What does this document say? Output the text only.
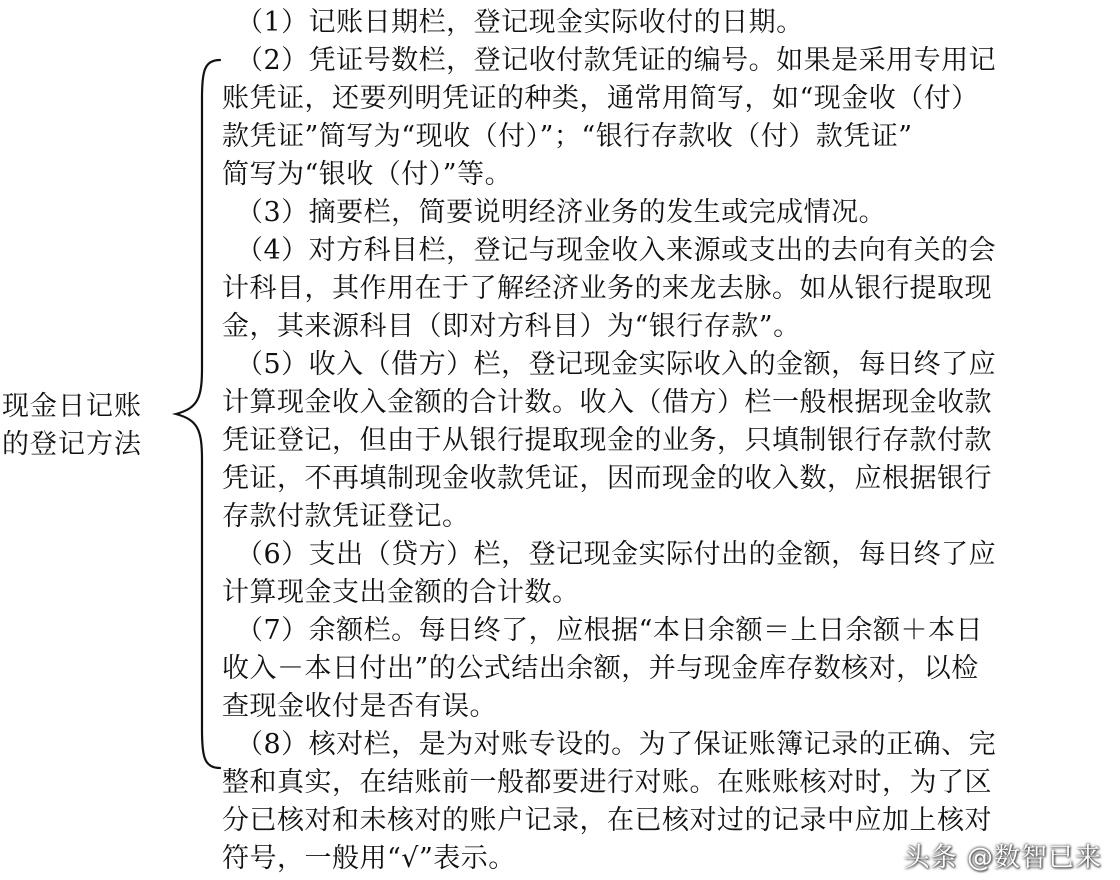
现金日记账
的登记方法
（1）记账日期栏，登记现金实际收付的日期。
（2）凭证号数栏，登记收付款凭证的编号。如果是采用专用记
账凭证，还要列明凭证的种类，通常用简写，如“现金收（付）
款凭证”简写为“现收（付）”；“银行存款收（付）款凭证”
简写为“银收（付）”等。
（3）摘要栏，简要说明经济业务的发生或完成情况。
（4）对方科目栏，登记与现金收入来源或支出的去向有关的会
计科目，其作用在于了解经济业务的来龙去脉。如从银行提取现
金，其来源科目（即对方科目）为“银行存款”。
（5）收入（借方）栏，登记现金实际收入的金额，每日终了应
计算现金收入金额的合计数。收入（借方）栏一般根据现金收款
凭证登记，但由于从银行提取现金的业务，只填制银行存款付款
凭证，不再填制现金收款凭证，因而现金的收入数，应根据银行
存款付款凭证登记。
（6）支出（贷方）栏，登记现金实际付出的金额，每日终了应
计算现金支出金额的合计数。
（7）余额栏。每日终了，应根据“本日余额＝上日余额＋本日
收入－本日付出”的公式结出余额，并与现金库存数核对，以检
查现金收付是否有误。
（8）核对栏，是为对账专设的。为了保证账簿记录的正确、完
整和真实，在结账前一般都要进行对账。在账账核对时，为了区
分已核对和未核对的账户记录，在已核对过的记录中应加上核对
符号，一般用“√”表示。	头条 @数智已来
